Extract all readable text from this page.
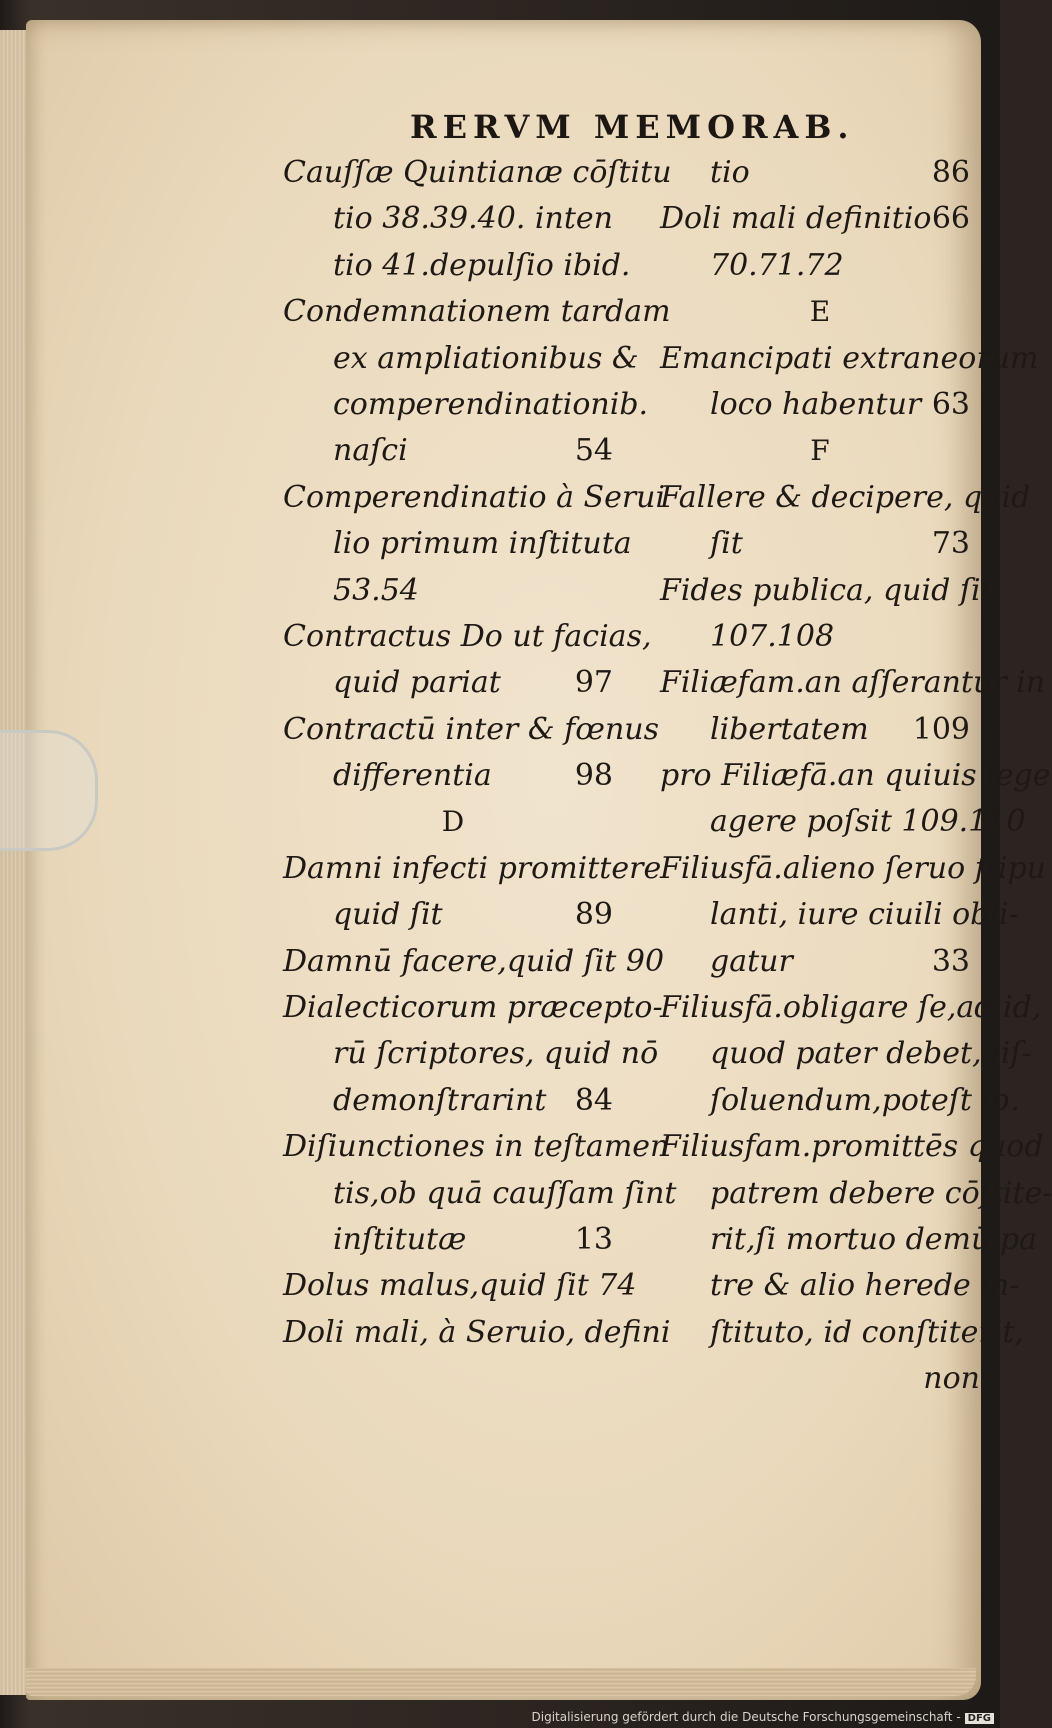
RERVM MEMORAB.
Cauſſæ Quintianæ cōſtitu
tio 38.39.40. inten
tio 41.depulſio ibid.
Condemnationem tardam
ex ampliationibus &
comperendinationib.
naſci	54
Comperendinatio à Serui
lio primum inſtituta
53.54
Contractus Do ut facias,
quid pariat 97
Contractū inter & fœnus
differentia	98
D
Damni infecti promittere
quid ſit	89
Damnū facere,quid ſit 90
Dialecticorum præcepto-
rū ſcriptores, quid nō
demonſtrarint 84
Diſiunctiones in teſtamen
tis,ob quā cauſſam ſint
inſtitutæ	13
Dolus malus,quid ſit 74
Doli mali, à Seruio, defini
tio	86
Doli mali definitio 66
70.71.72
E
Emancipati extraneorum
loco habentur 63
F
Fallere & decipere, quid
ſit	73
Fides publica, quid ſit
107.108
Filiæfam.an aſſerantur in
libertatem 109
pro Filiæfā.an quiuis lege
agere poſsit 109.110
Filiusfā.alieno ſeruo ſtipu
lanti, iure ciuili obli-
gatur	33
Filiusfā.obligare ſe,ad id,
quod pater debet,diſ-
ſoluendum,poteſt ib.
Filiusfam.promittēs quod
patrem debere cōſtite-
rit,ſi mortuo demū pa
tre & alio herede in-
ſtituto, id conſtiterit,
non
Digitalisierung gefördert durch die Deutsche Forschungsgemeinschaft - DFG
